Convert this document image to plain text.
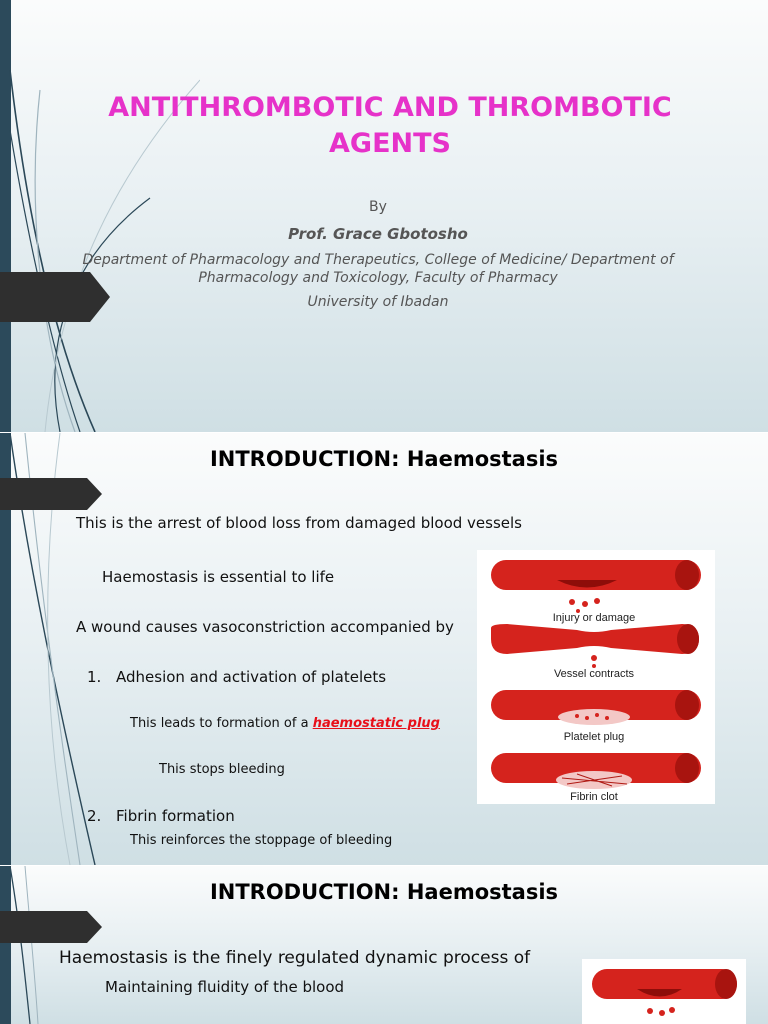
ANTITHROMBOTIC AND THROMBOTIC AGENTS
By
Prof. Grace Gbotosho
Department of Pharmacology and Therapeutics, College of Medicine/ Department of Pharmacology and Toxicology, Faculty of Pharmacy
University of Ibadan
INTRODUCTION: Haemostasis
This is the arrest of blood loss from damaged blood vessels
Haemostasis is essential to life
A wound causes vasoconstriction accompanied by
1. Adhesion and activation of platelets
This leads to formation of a haemostatic plug
This stops bleeding
2. Fibrin formation
This reinforces the stoppage of bleeding
Injury or damage
Vessel contracts
Platelet plug
Fibrin clot
INTRODUCTION: Haemostasis
Haemostasis is the finely regulated dynamic process of
Maintaining fluidity of the blood
